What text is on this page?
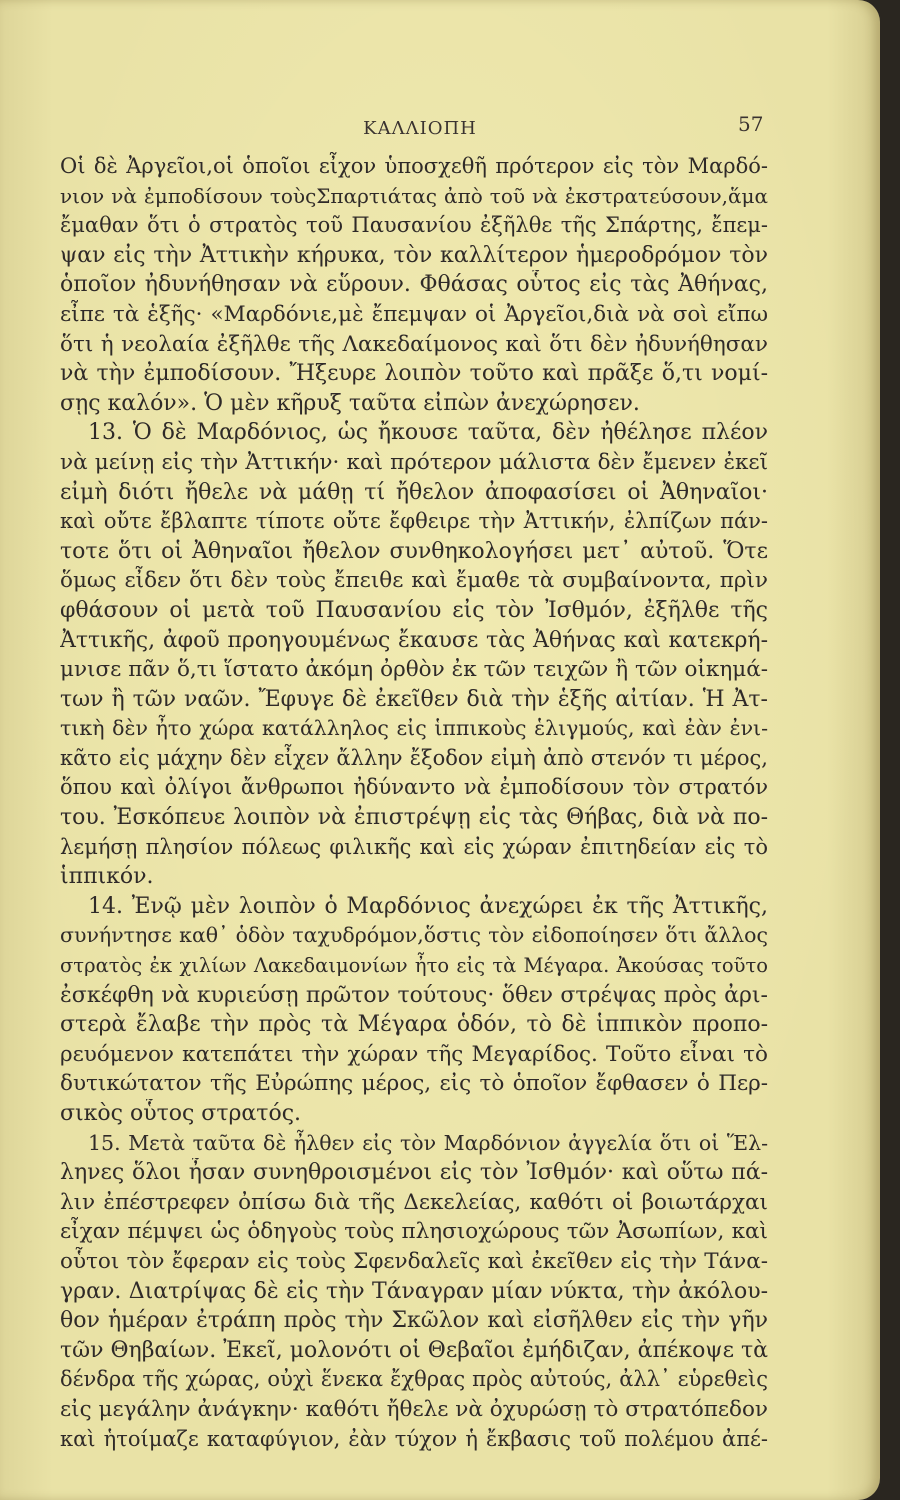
ΚΑΛΛΙΟΠΗ	57
Οἱ δὲ Ἀργεῖοι,οἱ ὁποῖοι εἶχον ὑποσχεθῆ πρότερον εἰς τὸν Μαρδό-
νιον νὰ ἐμποδίσουν τοὺςΣπαρτιάτας ἀπὸ τοῦ νὰ ἐκστρατεύσουν,ἅμα
ἔμαθαν ὅτι ὁ στρατὸς τοῦ Παυσανίου ἐξῆλθε τῆς Σπάρτης, ἔπεμ-
ψαν εἰς τὴν Ἀττικὴν κήρυκα, τὸν καλλίτερον ἡμεροδρόμον τὸν
ὁποῖον ἠδυνήθησαν νὰ εὕρουν. Φθάσας οὗτος εἰς τὰς Ἀθήνας,
εἶπε τὰ ἑξῆς· «Μαρδόνιε,μὲ ἔπεμψαν οἱ Ἀργεῖοι,διὰ νὰ σοὶ εἴπω
ὅτι ἡ νεολαία ἐξῆλθε τῆς Λακεδαίμονος καὶ ὅτι δὲν ἠδυνήθησαν
νὰ τὴν ἐμποδίσουν. Ἤξευρε λοιπὸν τοῦτο καὶ πρᾶξε ὅ,τι νομί-
σῃς καλόν». Ὁ μὲν κῆρυξ ταῦτα εἰπὼν ἀνεχώρησεν.
13. Ὁ δὲ Μαρδόνιος, ὡς ἤκουσε ταῦτα, δὲν ἠθέλησε πλέον
νὰ μείνῃ εἰς τὴν Ἀττικήν· καὶ πρότερον μάλιστα δὲν ἔμενεν ἐκεῖ
εἰμὴ διότι ἤθελε νὰ μάθῃ τί ἤθελον ἀποφασίσει οἱ Ἀθηναῖοι·
καὶ οὔτε ἔβλαπτε τίποτε οὔτε ἔφθειρε τὴν Ἀττικήν, ἐλπίζων πάν-
τοτε ὅτι οἱ Ἀθηναῖοι ἤθελον συνθηκολογήσει μετ᾽ αὐτοῦ. Ὅτε
ὅμως εἶδεν ὅτι δὲν τοὺς ἔπειθε καὶ ἔμαθε τὰ συμβαίνοντα, πρὶν
φθάσουν οἱ μετὰ τοῦ Παυσανίου εἰς τὸν Ἰσθμόν, ἐξῆλθε τῆς
Ἀττικῆς, ἀφοῦ προηγουμένως ἔκαυσε τὰς Ἀθήνας καὶ κατεκρή-
μνισε πᾶν ὅ,τι ἵστατο ἀκόμη ὀρθὸν ἐκ τῶν τειχῶν ἢ τῶν οἰκημά-
των ἢ τῶν ναῶν. Ἔφυγε δὲ ἐκεῖθεν διὰ τὴν ἑξῆς αἰτίαν. Ἡ Ἀτ-
τικὴ δὲν ἦτο χώρα κατάλληλος εἰς ἱππικοὺς ἑλιγμούς, καὶ ἐὰν ἐνι-
κᾶτο εἰς μάχην δὲν εἶχεν ἄλλην ἔξοδον εἰμὴ ἀπὸ στενόν τι μέρος,
ὅπου καὶ ὀλίγοι ἄνθρωποι ἠδύναντο νὰ ἐμποδίσουν τὸν στρατόν
του. Ἐσκόπευε λοιπὸν νὰ ἐπιστρέψῃ εἰς τὰς Θήβας, διὰ νὰ πο-
λεμήσῃ πλησίον πόλεως φιλικῆς καὶ εἰς χώραν ἐπιτηδείαν εἰς τὸ
ἱππικόν.
14. Ἐνῷ μὲν λοιπὸν ὁ Μαρδόνιος ἀνεχώρει ἐκ τῆς Ἀττικῆς,
συνήντησε καθ᾽ ὁδὸν ταχυδρόμον,ὅστις τὸν εἰδοποίησεν ὅτι ἄλλος
στρατὸς ἐκ χιλίων Λακεδαιμονίων ἦτο εἰς τὰ Μέγαρα. Ἀκούσας τοῦτο
ἐσκέφθη νὰ κυριεύσῃ πρῶτον τούτους· ὅθεν στρέψας πρὸς ἀρι-
στερὰ ἔλαβε τὴν πρὸς τὰ Μέγαρα ὁδόν, τὸ δὲ ἱππικὸν προπο-
ρευόμενον κατεπάτει τὴν χώραν τῆς Μεγαρίδος. Τοῦτο εἶναι τὸ
δυτικώτατον τῆς Εὐρώπης μέρος, εἰς τὸ ὁποῖον ἔφθασεν ὁ Περ-
σικὸς οὗτος στρατός.
15. Μετὰ ταῦτα δὲ ἦλθεν εἰς τὸν Μαρδόνιον ἀγγελία ὅτι οἱ Ἕλ-
ληνες ὅλοι ἦσαν συνηθροισμένοι εἰς τὸν Ἰσθμόν· καὶ οὕτω πά-
λιν ἐπέστρεφεν ὀπίσω διὰ τῆς Δεκελείας, καθότι οἱ βοιωτάρχαι
εἶχαν πέμψει ὡς ὁδηγοὺς τοὺς πλησιοχώρους τῶν Ἀσωπίων, καὶ
οὗτοι τὸν ἔφεραν εἰς τοὺς Σφενδαλεῖς καὶ ἐκεῖθεν εἰς τὴν Τάνα-
γραν. Διατρίψας δὲ εἰς τὴν Τάναγραν μίαν νύκτα, τὴν ἀκόλου-
θον ἡμέραν ἐτράπη πρὸς τὴν Σκῶλον καὶ εἰσῆλθεν εἰς τὴν γῆν
τῶν Θηβαίων. Ἐκεῖ, μολονότι οἱ Θεβαῖοι ἐμήδιζαν, ἀπέκοψε τὰ
δένδρα τῆς χώρας, οὐχὶ ἕνεκα ἔχθρας πρὸς αὐτούς, ἀλλ᾽ εὑρεθεὶς
εἰς μεγάλην ἀνάγκην· καθότι ἤθελε νὰ ὀχυρώσῃ τὸ στρατόπεδον
καὶ ἡτοίμαζε καταφύγιον, ἐὰν τύχον ἡ ἔκβασις τοῦ πολέμου ἀπέ-
